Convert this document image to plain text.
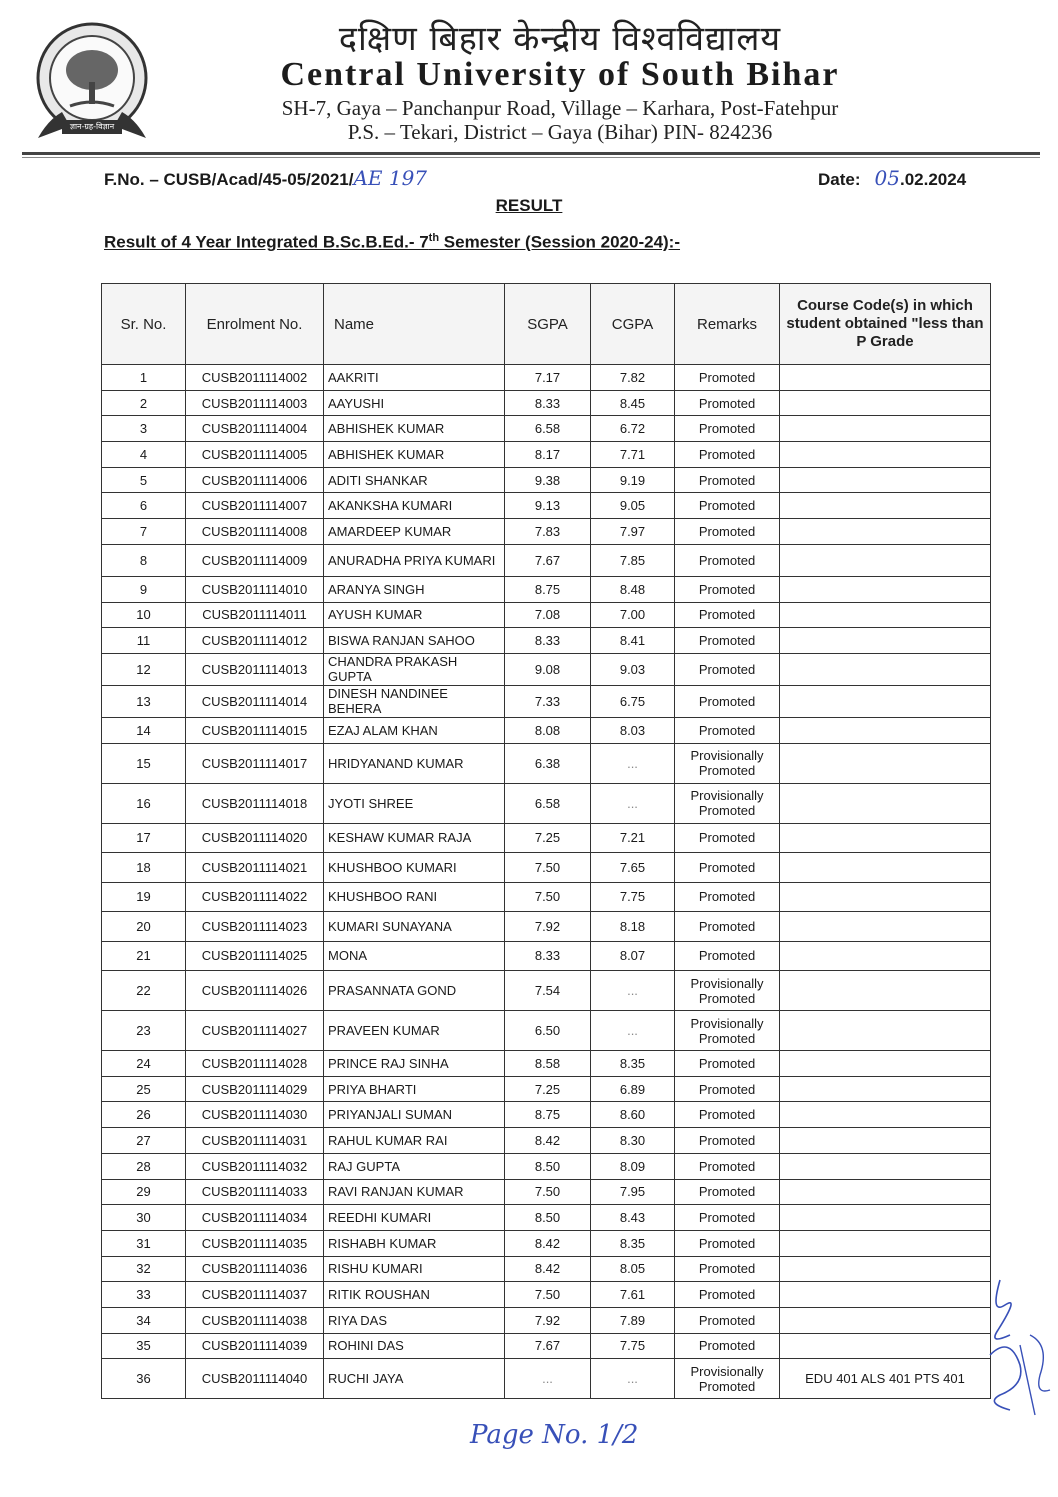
ज्ञान-ग्रह-विज्ञान
दक्षिण बिहार केन्द्रीय विश्वविद्यालय
Central University of South Bihar
SH-7, Gaya – Panchanpur Road, Village – Karhara, Post-Fatehpur
P.S. – Tekari, District – Gaya (Bihar) PIN- 824236
F.No. – CUSB/Acad/45-05/2021/AE 197	Date: 05.02.2024
RESULT
Result of 4 Year Integrated B.Sc.B.Ed.- 7th Semester (Session 2020-24):-
Sr. No.	Enrolment No.	Name	SGPA	CGPA	Remarks	Course Code(s) in which student obtained "less than P Grade
1	CUSB2011114002	AAKRITI	7.17	7.82	Promoted	
2	CUSB2011114003	AAYUSHI	8.33	8.45	Promoted	
3	CUSB2011114004	ABHISHEK KUMAR	6.58	6.72	Promoted	
4	CUSB2011114005	ABHISHEK KUMAR	8.17	7.71	Promoted	
5	CUSB2011114006	ADITI SHANKAR	9.38	9.19	Promoted	
6	CUSB2011114007	AKANKSHA KUMARI	9.13	9.05	Promoted	
7	CUSB2011114008	AMARDEEP KUMAR	7.83	7.97	Promoted	
8	CUSB2011114009	ANURADHA PRIYA KUMARI	7.67	7.85	Promoted	
9	CUSB2011114010	ARANYA SINGH	8.75	8.48	Promoted	
10	CUSB2011114011	AYUSH KUMAR	7.08	7.00	Promoted	
11	CUSB2011114012	BISWA RANJAN SAHOO	8.33	8.41	Promoted	
12	CUSB2011114013	CHANDRA PRAKASH GUPTA	9.08	9.03	Promoted	
13	CUSB2011114014	DINESH NANDINEE BEHERA	7.33	6.75	Promoted	
14	CUSB2011114015	EZAJ ALAM KHAN	8.08	8.03	Promoted	
15	CUSB2011114017	HRIDYANAND KUMAR	6.38	...	Provisionally Promoted	
16	CUSB2011114018	JYOTI SHREE	6.58	...	Provisionally Promoted	
17	CUSB2011114020	KESHAW KUMAR RAJA	7.25	7.21	Promoted	
18	CUSB2011114021	KHUSHBOO KUMARI	7.50	7.65	Promoted	
19	CUSB2011114022	KHUSHBOO RANI	7.50	7.75	Promoted	
20	CUSB2011114023	KUMARI SUNAYANA	7.92	8.18	Promoted	
21	CUSB2011114025	MONA	8.33	8.07	Promoted	
22	CUSB2011114026	PRASANNATA GOND	7.54	...	Provisionally Promoted	
23	CUSB2011114027	PRAVEEN KUMAR	6.50	...	Provisionally Promoted	
24	CUSB2011114028	PRINCE RAJ SINHA	8.58	8.35	Promoted	
25	CUSB2011114029	PRIYA BHARTI	7.25	6.89	Promoted	
26	CUSB2011114030	PRIYANJALI SUMAN	8.75	8.60	Promoted	
27	CUSB2011114031	RAHUL KUMAR RAI	8.42	8.30	Promoted	
28	CUSB2011114032	RAJ GUPTA	8.50	8.09	Promoted	
29	CUSB2011114033	RAVI RANJAN KUMAR	7.50	7.95	Promoted	
30	CUSB2011114034	REEDHI KUMARI	8.50	8.43	Promoted	
31	CUSB2011114035	RISHABH KUMAR	8.42	8.35	Promoted	
32	CUSB2011114036	RISHU KUMARI	8.42	8.05	Promoted	
33	CUSB2011114037	RITIK ROUSHAN	7.50	7.61	Promoted	
34	CUSB2011114038	RIYA DAS	7.92	7.89	Promoted	
35	CUSB2011114039	ROHINI DAS	7.67	7.75	Promoted	
36	CUSB2011114040	RUCHI JAYA	...	...	Provisionally Promoted	EDU 401 ALS 401 PTS 401
Page No. 1/2
